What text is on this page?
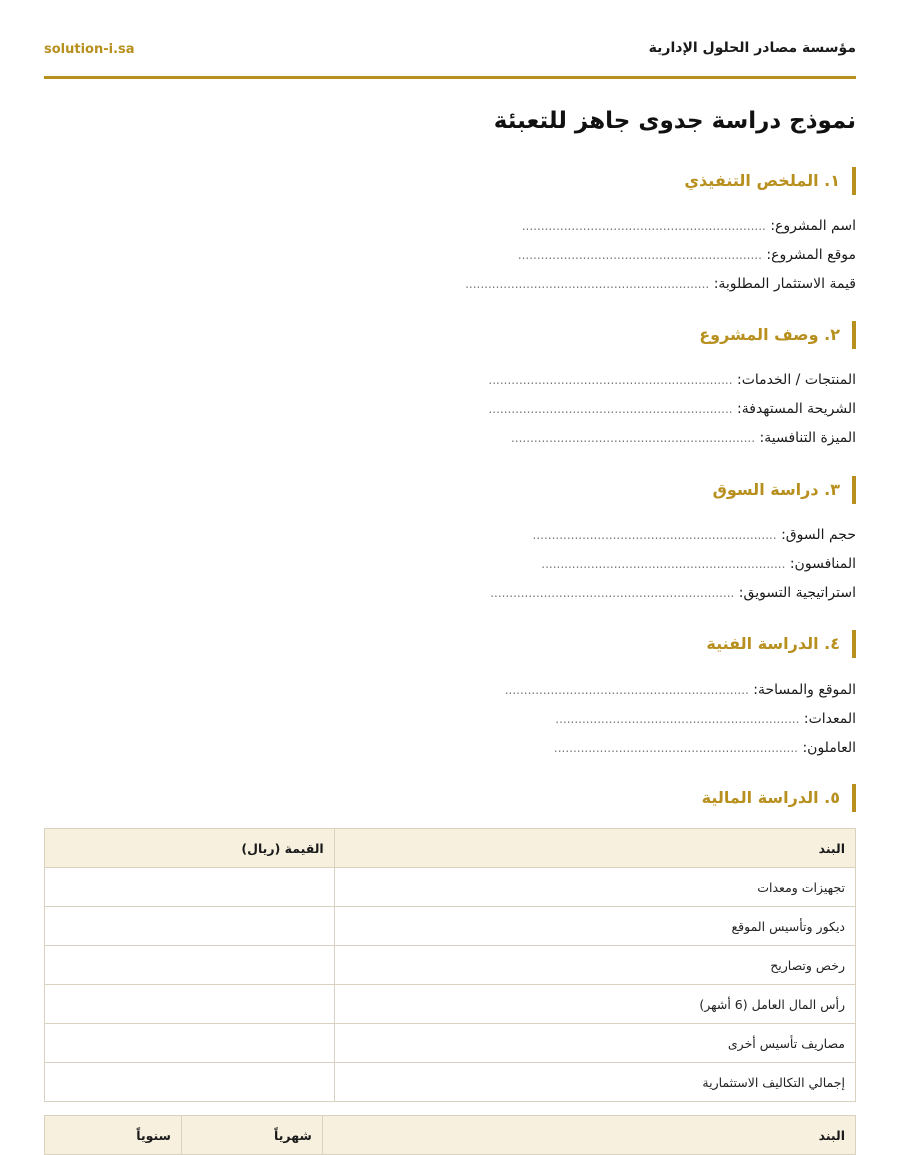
مؤسسة مصادر الحلول الإدارية
solution-i.sa
نموذج دراسة جدوى جاهز للتعبئة
١. الملخص التنفيذي
اسم المشروع: ................................................................
موقع المشروع: ................................................................
قيمة الاستثمار المطلوبة: ................................................................
٢. وصف المشروع
المنتجات / الخدمات: ................................................................
الشريحة المستهدفة: ................................................................
الميزة التنافسية: ................................................................
٣. دراسة السوق
حجم السوق: ................................................................
المنافسون: ................................................................
استراتيجية التسويق: ................................................................
٤. الدراسة الفنية
الموقع والمساحة: ................................................................
المعدات: ................................................................
العاملون: ................................................................
٥. الدراسة المالية
البند	القيمة (ريال)
تجهيزات ومعدات	
ديكور وتأسيس الموقع	
رخص وتصاريح	
رأس المال العامل (6 أشهر)	
مصاريف تأسيس أخرى	
إجمالي التكاليف الاستثمارية	
البند	شهرياً	سنوياً
